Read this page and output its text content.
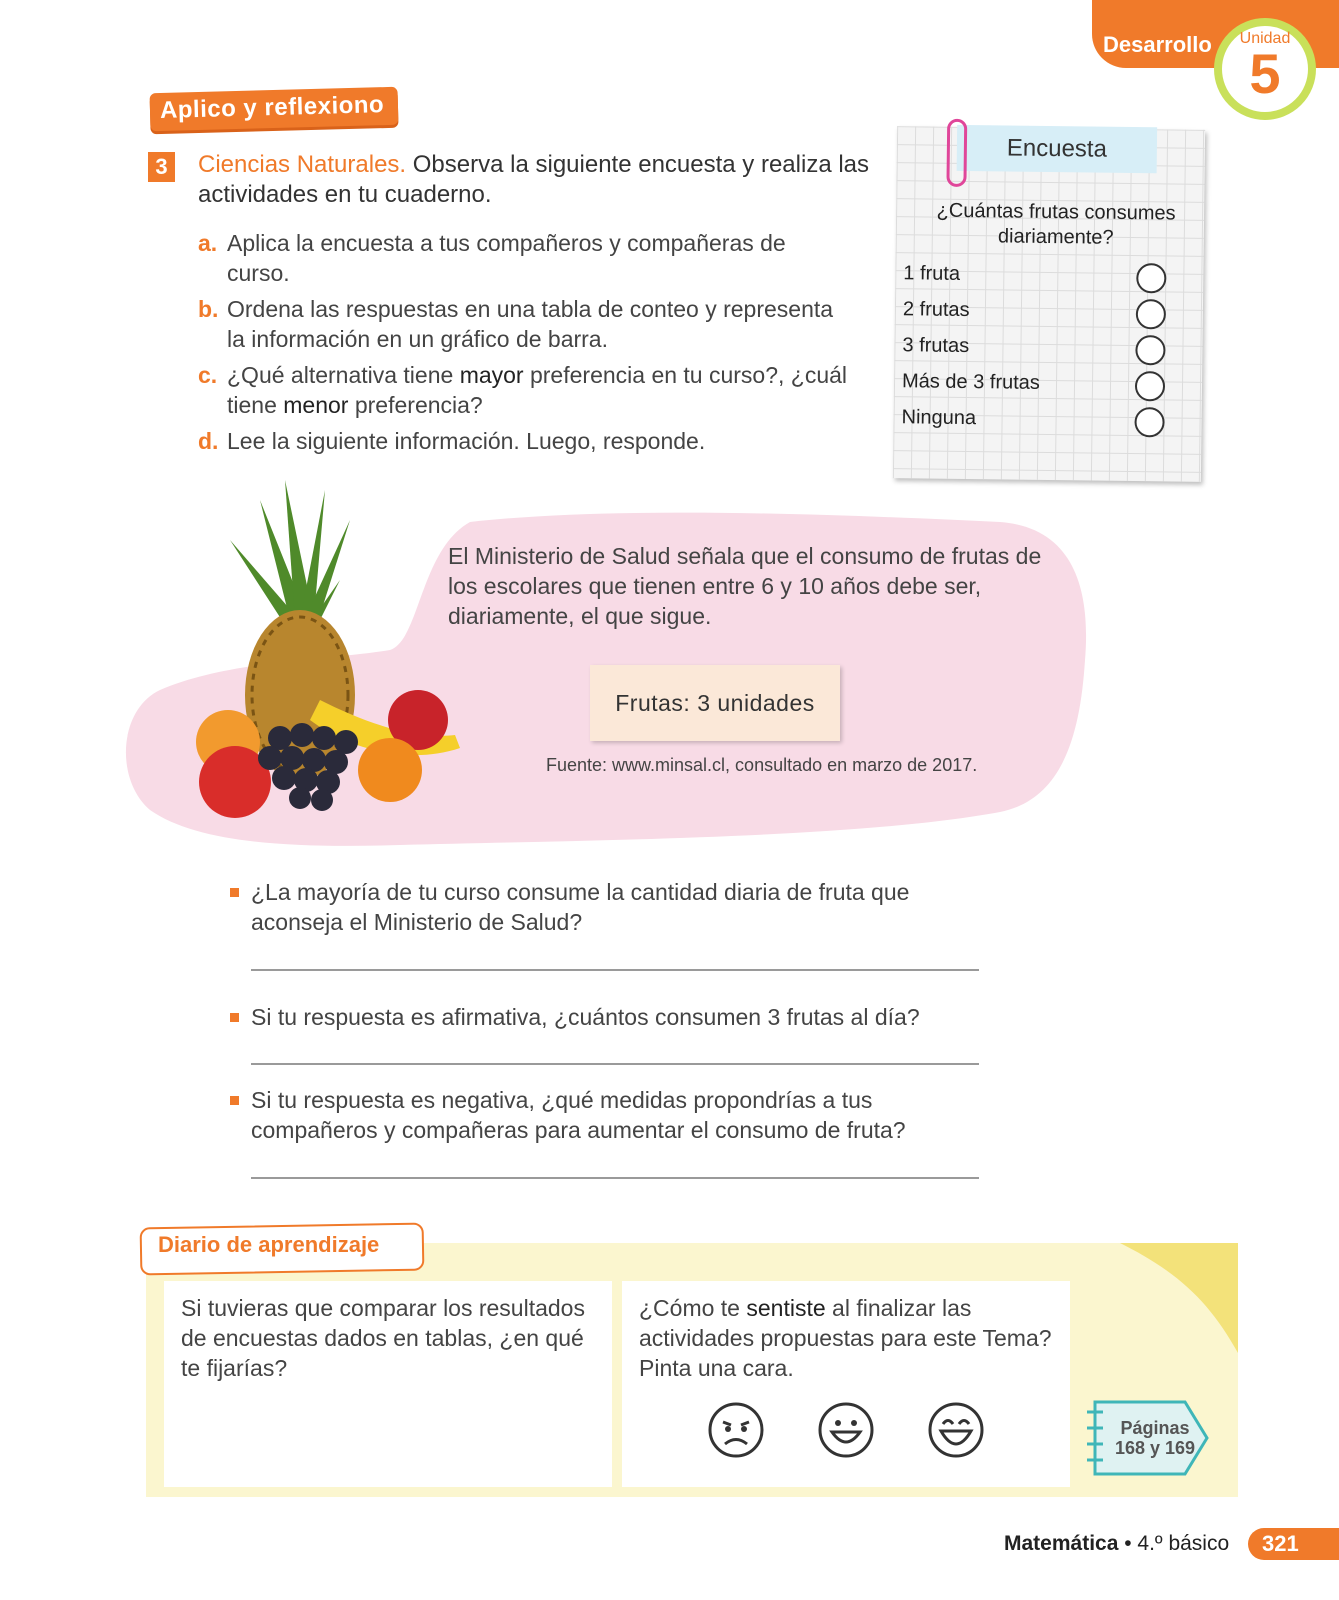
Desarrollo	Unidad
5
Aplico y reflexiono
3	Ciencias Naturales. Observa la siguiente encuesta y realiza las actividades en tu cuaderno.
a. Aplica la encuesta a tus compañeros y compañeras de curso.
b. Ordena las respuestas en una tabla de conteo y representa la información en un gráfico de barra.
c. ¿Qué alternativa tiene mayor preferencia en tu curso?, ¿cuál tiene menor preferencia?
d. Lee la siguiente información. Luego, responde.
Encuesta
¿Cuántas frutas consumes diariamente?
1 fruta
2 frutas
3 frutas
Más de 3 frutas
Ninguna
El Ministerio de Salud señala que el consumo de frutas de los escolares que tienen entre 6 y 10 años debe ser, diariamente, el que sigue.
Frutas: 3 unidades
Fuente: www.minsal.cl, consultado en marzo de 2017.
¿La mayoría de tu curso consume la cantidad diaria de fruta que aconseja el Ministerio de Salud?
Si tu respuesta es afirmativa, ¿cuántos consumen 3 frutas al día?
Si tu respuesta es negativa, ¿qué medidas propondrías a tus compañeros y compañeras para aumentar el consumo de fruta?
Diario de aprendizaje
Si tuvieras que comparar los resultados de encuestas dados en tablas, ¿en qué te fijarías?
¿Cómo te sentiste al finalizar las actividades propuestas para este Tema? Pinta una cara.
Páginas
168 y 169
Matemática • 4.º básico	321
